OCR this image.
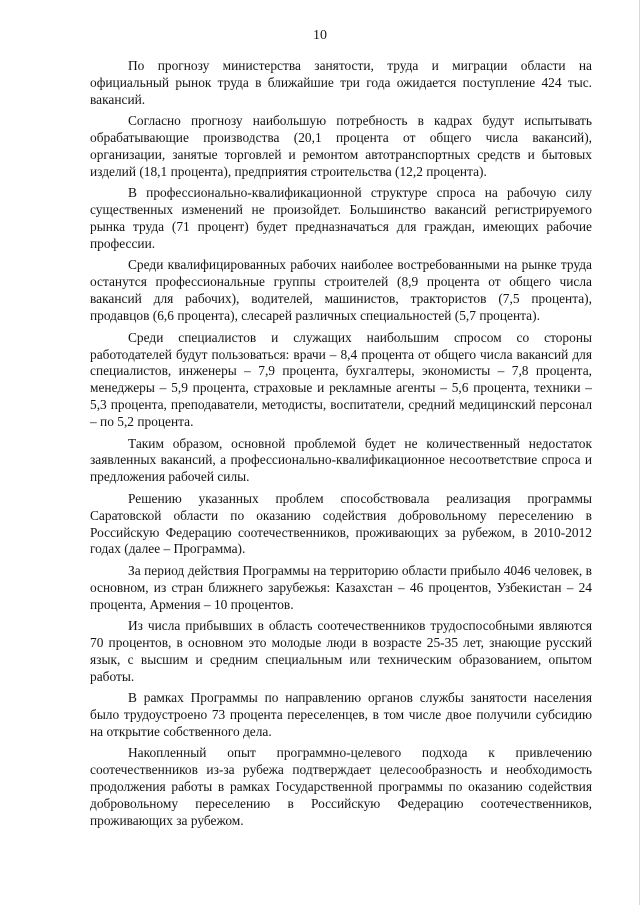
10

По прогнозу министерства занятости, труда и миграции области на официальный рынок труда в ближайшие три года ожидается поступление 424 тыс. вакансий.

Согласно прогнозу наибольшую потребность в кадрах будут испытывать обрабатывающие производства (20,1 процента от общего числа вакансий), организации, занятые торговлей и ремонтом автотранспортных средств и бытовых изделий (18,1 процента), предприятия строительства (12,2 процента).

В профессионально-квалификационной структуре спроса на рабочую силу существенных изменений не произойдет. Большинство вакансий регистрируемого рынка труда (71 процент) будет предназначаться для граждан, имеющих рабочие профессии.

Среди квалифицированных рабочих наиболее востребованными на рынке труда останутся профессиональные группы строителей (8,9 процента от общего числа вакансий для рабочих), водителей, машинистов, трактористов (7,5 процента), продавцов (6,6 процента), слесарей различных специальностей (5,7 процента).

Среди специалистов и служащих наибольшим спросом со стороны работодателей будут пользоваться: врачи – 8,4 процента от общего числа вакансий для специалистов, инженеры – 7,9 процента, бухгалтеры, экономисты – 7,8 процента, менеджеры – 5,9 процента, страховые и рекламные агенты – 5,6 процента, техники – 5,3 процента, преподаватели, методисты, воспитатели, средний медицинский персонал – по 5,2 процента.

Таким образом, основной проблемой будет не количественный недостаток заявленных вакансий, а профессионально-квалификационное несоответствие спроса и предложения рабочей силы.

Решению указанных проблем способствовала реализация программы Саратовской области по оказанию содействия добровольному переселению в Российскую Федерацию соотечественников, проживающих за рубежом, в 2010-2012 годах (далее – Программа).

За период действия Программы на территорию области прибыло 4046 человек, в основном, из стран ближнего зарубежья: Казахстан – 46 процентов, Узбекистан – 24 процента, Армения – 10 процентов.

Из числа прибывших в область соотечественников трудоспособными являются 70 процентов, в основном это молодые люди в возрасте 25-35 лет, знающие русский язык, с высшим и средним специальным или техническим образованием, опытом работы.

В рамках Программы по направлению органов службы занятости населения было трудоустроено 73 процента переселенцев, в том числе двое получили субсидию на открытие собственного дела.

Накопленный опыт программно-целевого подхода к привлечению соотечественников из-за рубежа подтверждает целесообразность и необходимость продолжения работы в рамках Государственной программы по оказанию содействия добровольному переселению в Российскую Федерацию соотечественников, проживающих за рубежом.
